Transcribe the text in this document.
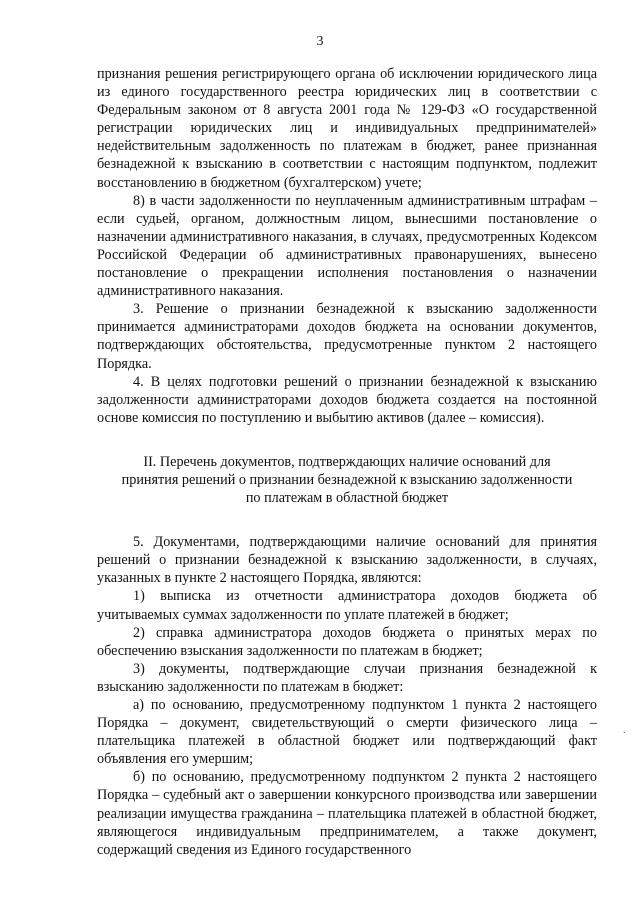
3

признания решения регистрирующего органа об исключении юридического лица из единого государственного реестра юридических лиц в соответствии с Федеральным законом от 8 августа 2001 года № 129-ФЗ «О государственной регистрации юридических лиц и индивидуальных предпринимателей» недействительным задолженность по платежам в бюджет, ранее признанная безнадежной к взысканию в соответствии с настоящим подпунктом, подлежит восстановлению в бюджетном (бухгалтерском) учете;

8) в части задолженности по неуплаченным административным штрафам – если судьей, органом, должностным лицом, вынесшими постановление о назначении административного наказания, в случаях, предусмотренных Кодексом Российской Федерации об административных правонарушениях, вынесено постановление о прекращении исполнения постановления о назначении административного наказания.

3. Решение о признании безнадежной к взысканию задолженности принимается администраторами доходов бюджета на основании документов, подтверждающих обстоятельства, предусмотренные пунктом 2 настоящего Порядка.

4. В целях подготовки решений о признании безнадежной к взысканию задолженности администраторами доходов бюджета создается на постоянной основе комиссия по поступлению и выбытию активов (далее – комиссия).

II. Перечень документов, подтверждающих наличие оснований для
принятия решений о признании безнадежной к взысканию задолженности
по платежам в областной бюджет

5. Документами, подтверждающими наличие оснований для принятия решений о признании безнадежной к взысканию задолженности, в случаях, указанных в пункте 2 настоящего Порядка, являются:

1) выписка из отчетности администратора доходов бюджета об учитываемых суммах задолженности по уплате платежей в бюджет;

2) справка администратора доходов бюджета о принятых мерах по обеспечению взыскания задолженности по платежам в бюджет;

3) документы, подтверждающие случаи признания безнадежной к взысканию задолженности по платежам в бюджет:

а) по основанию, предусмотренному подпунктом 1 пункта 2 настоящего Порядка – документ, свидетельствующий о смерти физического лица – плательщика платежей в областной бюджет или подтверждающий факт объявления его умершим;

б) по основанию, предусмотренному подпунктом 2 пункта 2 настоящего Порядка – судебный акт о завершении конкурсного производства или завершении реализации имущества гражданина – плательщика платежей в областной бюджет, являющегося индивидуальным предпринимателем, а также документ, содержащий сведения из Единого государственного

·
